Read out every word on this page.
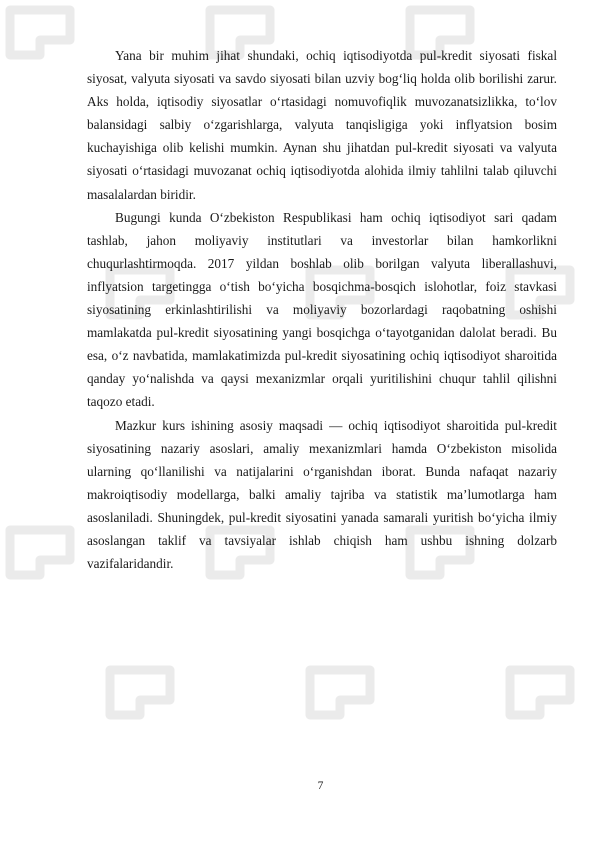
Yana bir muhim jihat shundaki, ochiq iqtisodiyotda pul-kredit siyosati fiskal siyosat, valyuta siyosati va savdo siyosati bilan uzviy bog‘liq holda olib borilishi zarur. Aks holda, iqtisodiy siyosatlar o‘rtasidagi nomuvofiqlik muvozanatsizlikka, to‘lov balansidagi salbiy o‘zgarishlarga, valyuta tanqisligiga yoki inflyatsion bosim kuchayishiga olib kelishi mumkin. Aynan shu jihatdan pul-kredit siyosati va valyuta siyosati o‘rtasidagi muvozanat ochiq iqtisodiyotda alohida ilmiy tahlilni talab qiluvchi masalalardan biridir.

Bugungi kunda O‘zbekiston Respublikasi ham ochiq iqtisodiyot sari qadam tashlab, jahon moliyaviy institutlari va investorlar bilan hamkorlikni chuqurlashtirmoqda. 2017 yildan boshlab olib borilgan valyuta liberallashuvi, inflyatsion targetingga o‘tish bo‘yicha bosqichma-bosqich islohotlar, foiz stavkasi siyosatining erkinlashtirilishi va moliyaviy bozorlardagi raqobatning oshishi mamlakatda pul-kredit siyosatining yangi bosqichga o‘tayotganidan dalolat beradi. Bu esa, o‘z navbatida, mamlakatimizda pul-kredit siyosatining ochiq iqtisodiyot sharoitida qanday yo‘nalishda va qaysi mexanizmlar orqali yuritilishini chuqur tahlil qilishni taqozo etadi.

Mazkur kurs ishining asosiy maqsadi — ochiq iqtisodiyot sharoitida pul-kredit siyosatining nazariy asoslari, amaliy mexanizmlari hamda O‘zbekiston misolida ularning qo‘llanilishi va natijalarini o‘rganishdan iborat. Bunda nafaqat nazariy makroiqtisodiy modellarga, balki amaliy tajriba va statistik ma’lumotlarga ham asoslaniladi. Shuningdek, pul-kredit siyosatini yanada samarali yuritish bo‘yicha ilmiy asoslangan taklif va tavsiyalar ishlab chiqish ham ushbu ishning dolzarb vazifalaridandir.

7
